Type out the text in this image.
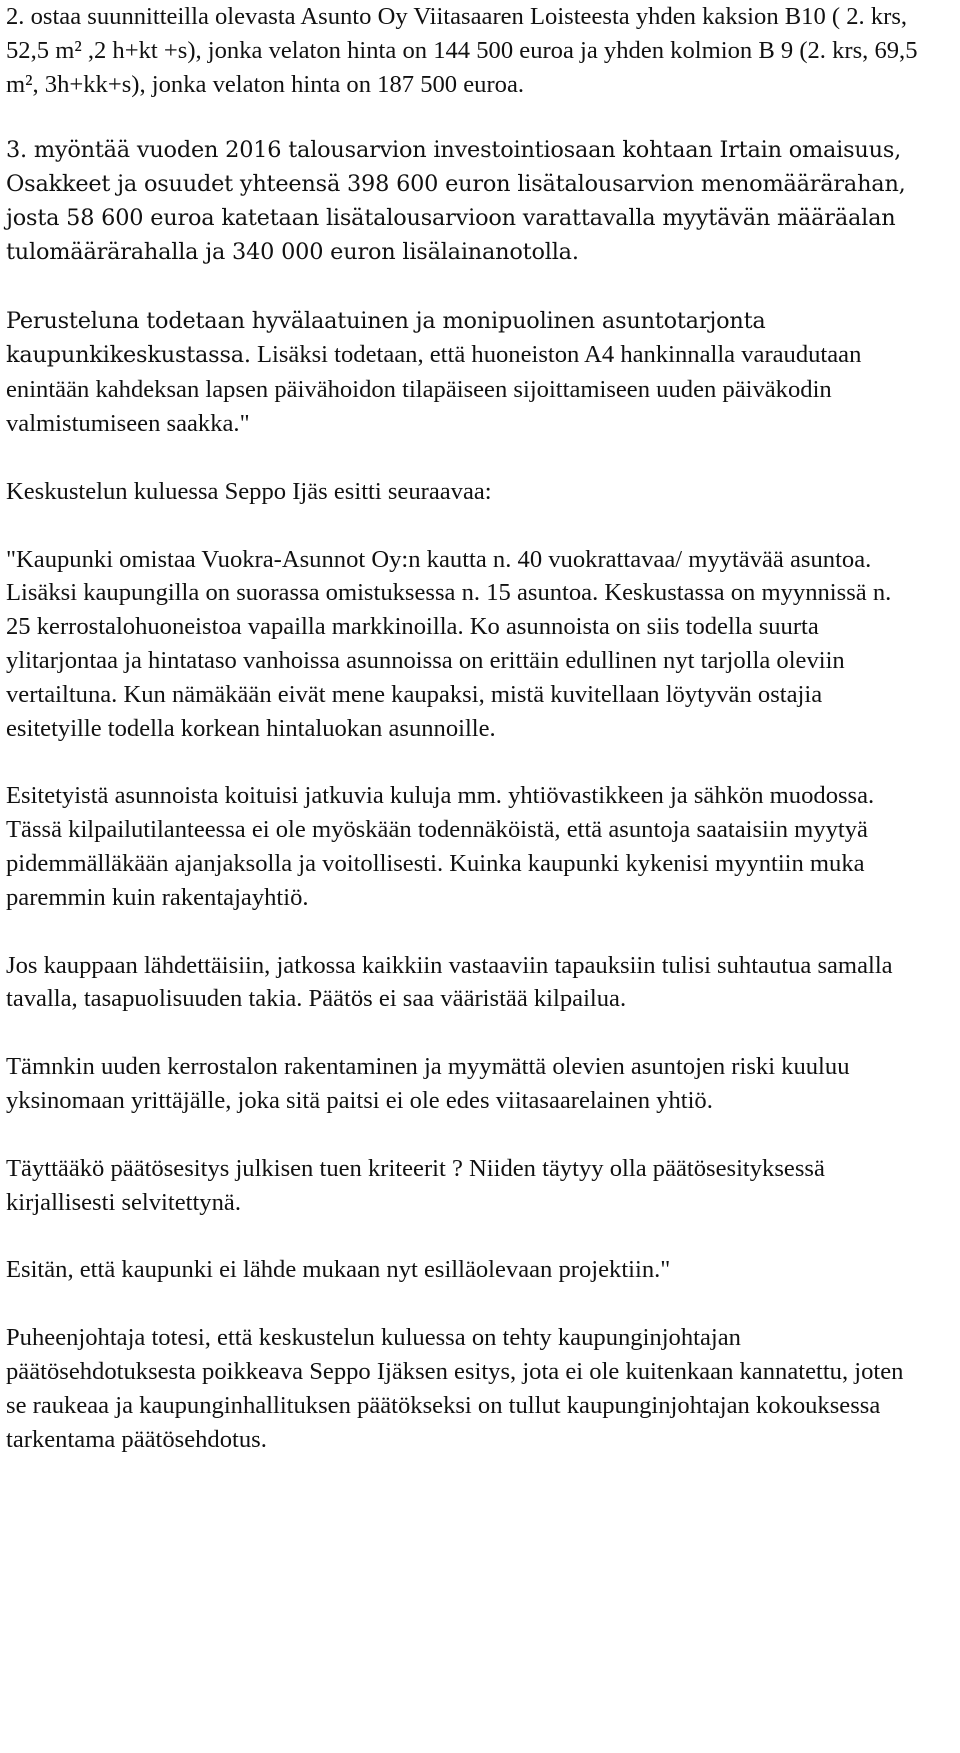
2. ostaa suunnitteilla olevasta Asunto Oy Viitasaaren Loisteesta yhden kaksion B10 ( 2. krs, 52,5 m² ,2 h+kt +s), jonka velaton hinta on 144 500 euroa ja yhden kolmion B 9 (2. krs, 69,5 m², 3h+kk+s), jonka velaton hinta on 187 500 euroa.

3. myöntää vuoden 2016 talousarvion investointiosaan kohtaan Irtain omaisuus, Osakkeet ja osuudet yhteensä 398 600 euron lisätalousarvion menomäärärahan, josta 58 600 euroa katetaan lisätalousarvioon varattavalla myytävän määräalan tulomäärärahalla ja 340 000 euron lisälainanotolla.

Perusteluna todetaan hyvälaatuinen ja monipuolinen asuntotarjonta kaupunkikeskustassa. Lisäksi todetaan, että huoneiston A4 hankinnalla varaudutaan enintään kahdeksan lapsen päivähoidon tilapäiseen sijoittamiseen uuden päiväkodin valmistumiseen saakka."

Keskustelun kuluessa Seppo Ijäs esitti seuraavaa:

"Kaupunki omistaa Vuokra-Asunnot Oy:n kautta n. 40 vuokrattavaa/ myytävää asuntoa. Lisäksi kaupungilla on suorassa omistuksessa n. 15 asuntoa. Keskustassa on myynnissä n. 25 kerrostalohuoneistoa vapailla markkinoilla. Ko asunnoista on siis todella suurta ylitarjontaa ja hintataso vanhoissa asunnoissa on erittäin edullinen nyt tarjolla oleviin vertailtuna. Kun nämäkään eivät mene kaupaksi, mistä kuvitellaan löytyvän ostajia esitetyille todella korkean hintaluokan asunnoille.

Esitetyistä asunnoista koituisi jatkuvia kuluja mm. yhtiövastikkeen ja sähkön muodossa. Tässä kilpailutilanteessa ei ole myöskään todennäköistä, että asuntoja saataisiin myytyä pidemmälläkään ajanjaksolla ja voitollisesti. Kuinka kaupunki kykenisi myyntiin muka paremmin kuin rakentajayhtiö.

Jos kauppaan lähdettäisiin, jatkossa kaikkiin vastaaviin tapauksiin tulisi suhtautua samalla tavalla, tasapuolisuuden takia. Päätös ei saa vääristää kilpailua.

Tämnkin uuden kerrostalon rakentaminen ja myymättä olevien asuntojen riski kuuluu yksinomaan yrittäjälle, joka sitä paitsi ei ole edes viitasaarelainen yhtiö.

Täyttääkö päätösesitys julkisen tuen kriteerit ? Niiden täytyy olla päätösesityksessä kirjallisesti selvitettynä.

Esitän, että kaupunki ei lähde mukaan nyt esilläolevaan projektiin."

Puheenjohtaja totesi, että keskustelun kuluessa on tehty kaupunginjohtajan päätösehdotuksesta poikkeava Seppo Ijäksen esitys, jota ei ole kuitenkaan kannatettu, joten se raukeaa ja kaupunginhallituksen päätökseksi on tullut kaupunginjohtajan kokouksessa tarkentama päätösehdotus.
